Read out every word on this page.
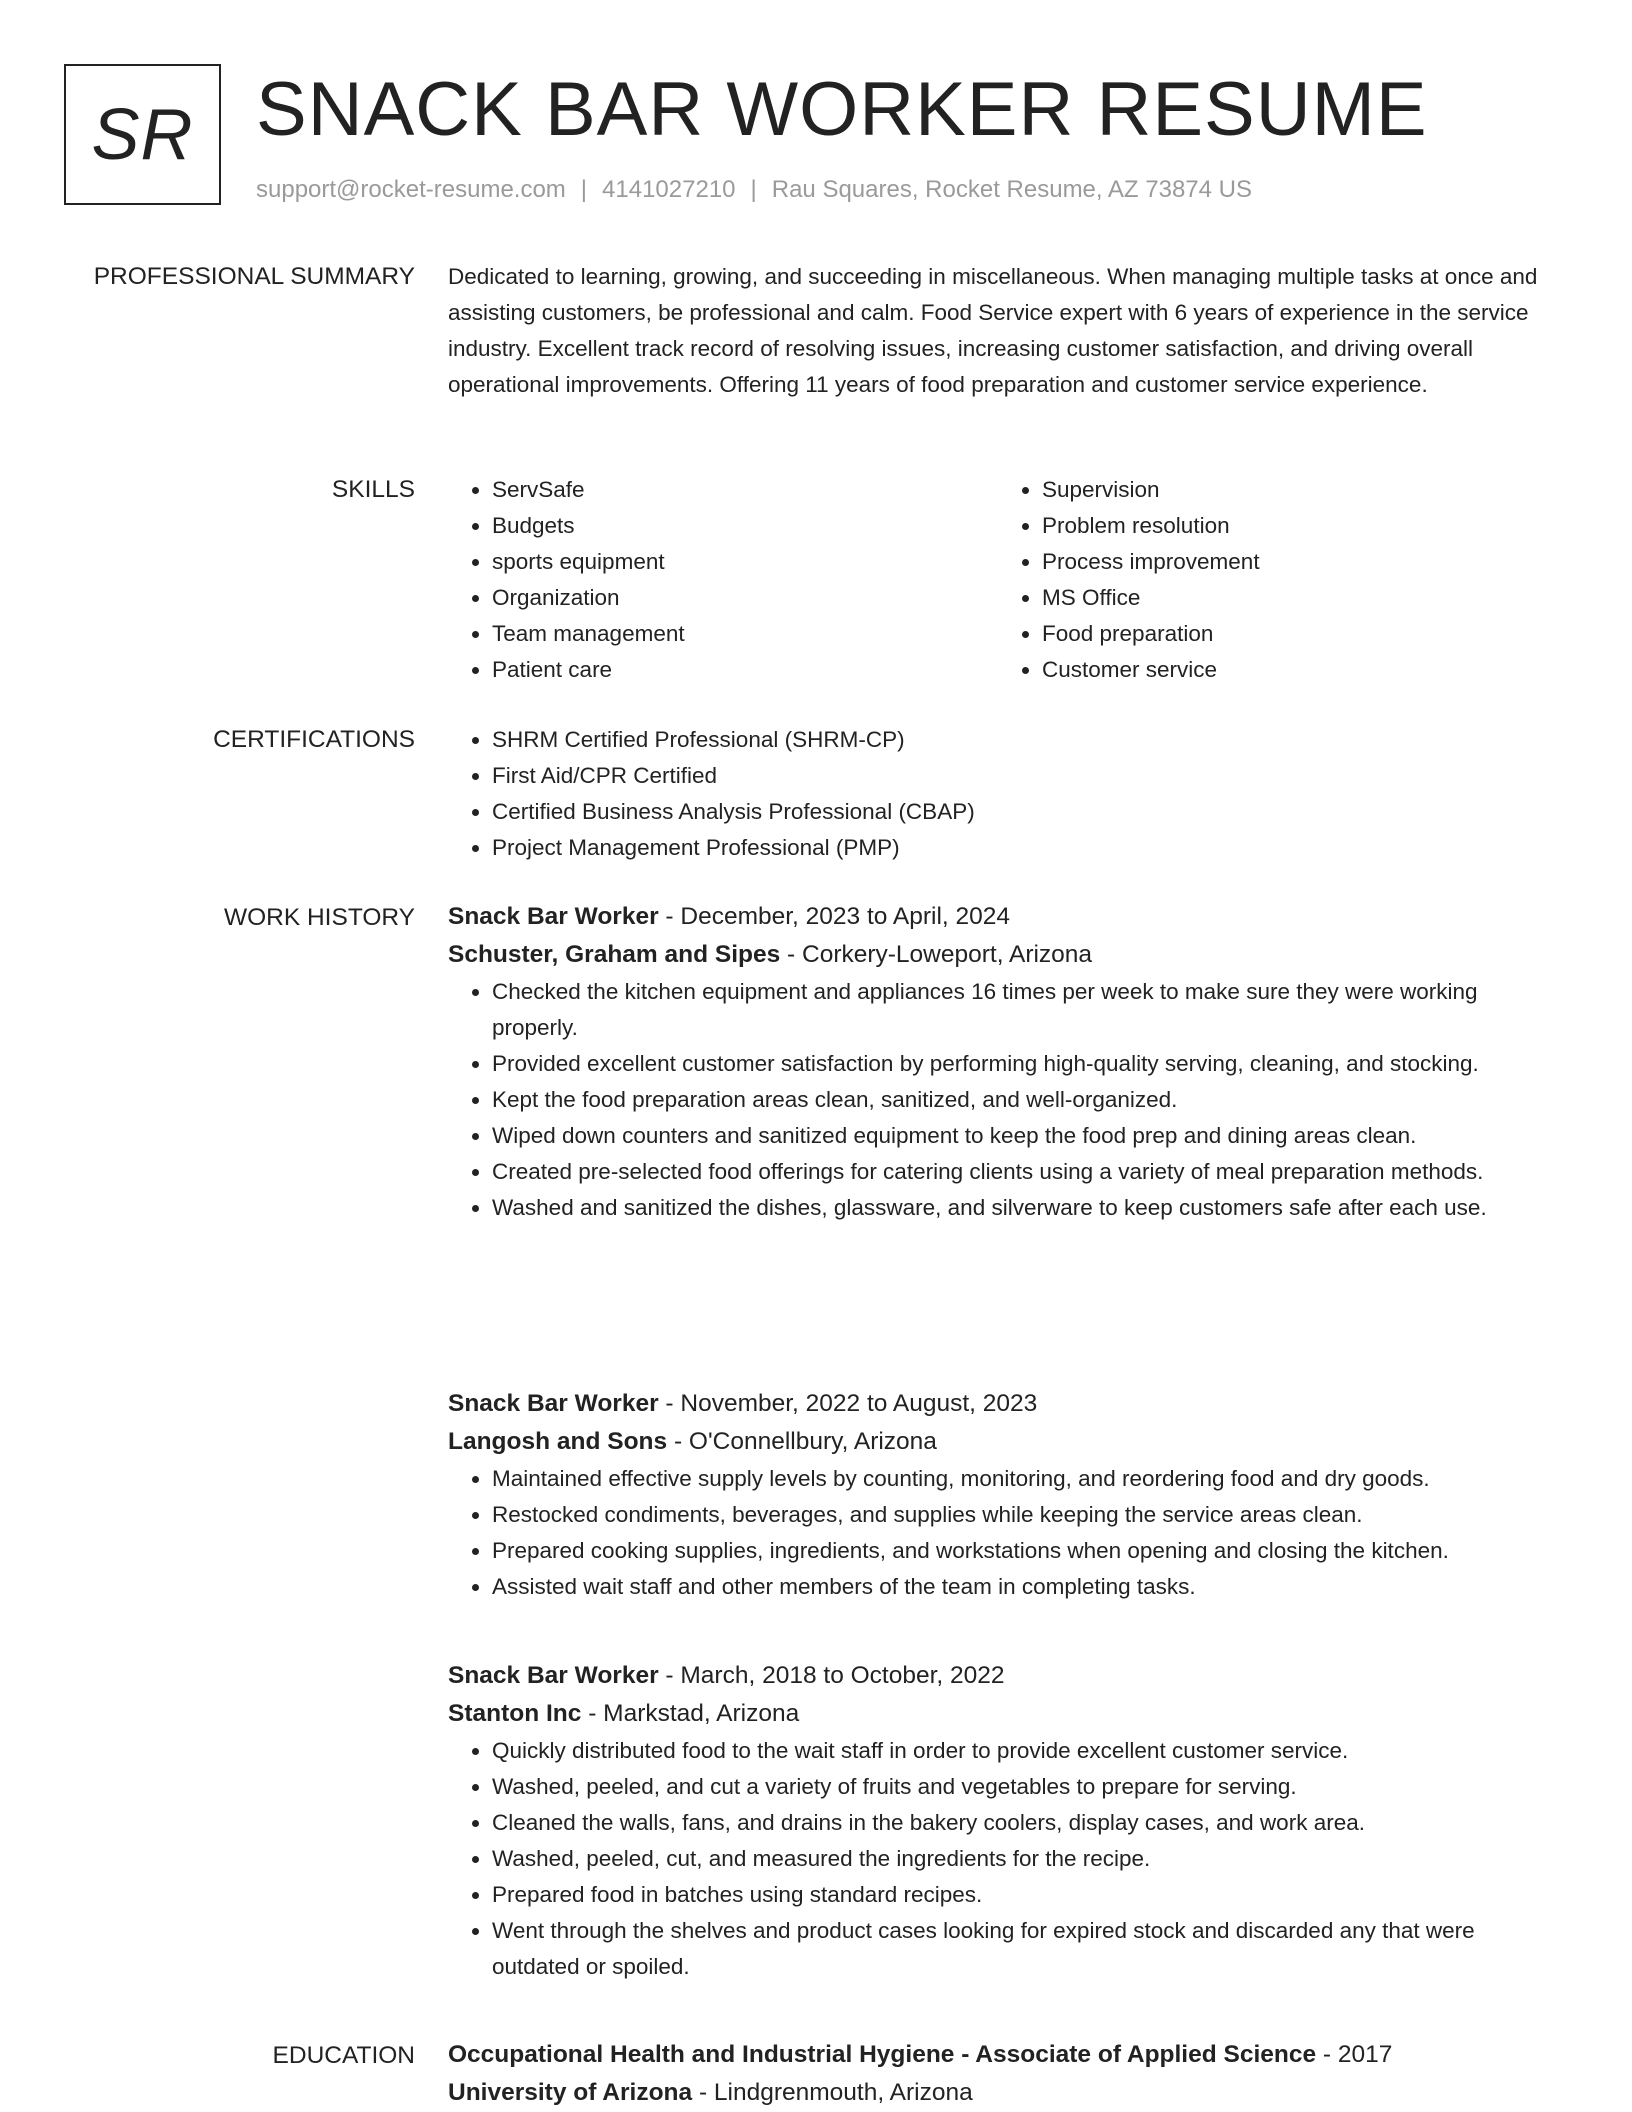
SR SNACK BAR WORKER RESUME
support@rocket-resume.com | 4141027210 | Rau Squares, Rocket Resume, AZ 73874 US
PROFESSIONAL SUMMARY Dedicated to learning, growing, and succeeding in miscellaneous. When managing multiple tasks at once and assisting customers, be professional and calm. Food Service expert with 6 years of experience in the service industry. Excellent track record of resolving issues, increasing customer satisfaction, and driving overall operational improvements. Offering 11 years of food preparation and customer service experience.

SKILLS	• ServSafe
• Budgets
• sports equipment
• Organization
• Team management
• Patient care
• Supervision
• Problem resolution
• Process improvement
• MS Office
• Food preparation
• Customer service
CERTIFICATIONS	• SHRM Certified Professional (SHRM-CP)
• First Aid/CPR Certified
• Certified Business Analysis Professional (CBAP)
• Project Management Professional (PMP)
WORK HISTORY Snack Bar Worker - December, 2023 to April, 2024
Schuster, Graham and Sipes - Corkery-Loweport, Arizona
• Checked the kitchen equipment and appliances 16 times per week to make sure they were working properly.
• Provided excellent customer satisfaction by performing high-quality serving, cleaning, and stocking.
• Kept the food preparation areas clean, sanitized, and well-organized.
• Wiped down counters and sanitized equipment to keep the food prep and dining areas clean.
• Created pre-selected food offerings for catering clients using a variety of meal preparation methods.
• Washed and sanitized the dishes, glassware, and silverware to keep customers safe after each use.
Snack Bar Worker - November, 2022 to August, 2023
Langosh and Sons - O'Connellbury, Arizona
• Maintained effective supply levels by counting, monitoring, and reordering food and dry goods.
• Restocked condiments, beverages, and supplies while keeping the service areas clean.
• Prepared cooking supplies, ingredients, and workstations when opening and closing the kitchen.
• Assisted wait staff and other members of the team in completing tasks.
Snack Bar Worker - March, 2018 to October, 2022
Stanton Inc - Markstad, Arizona
• Quickly distributed food to the wait staff in order to provide excellent customer service.
• Washed, peeled, and cut a variety of fruits and vegetables to prepare for serving.
• Cleaned the walls, fans, and drains in the bakery coolers, display cases, and work area.
• Washed, peeled, cut, and measured the ingredients for the recipe.
• Prepared food in batches using standard recipes.
• Went through the shelves and product cases looking for expired stock and discarded any that were outdated or spoiled.
EDUCATION Occupational Health and Industrial Hygiene - Associate of Applied Science - 2017
University of Arizona - Lindgrenmouth, Arizona
